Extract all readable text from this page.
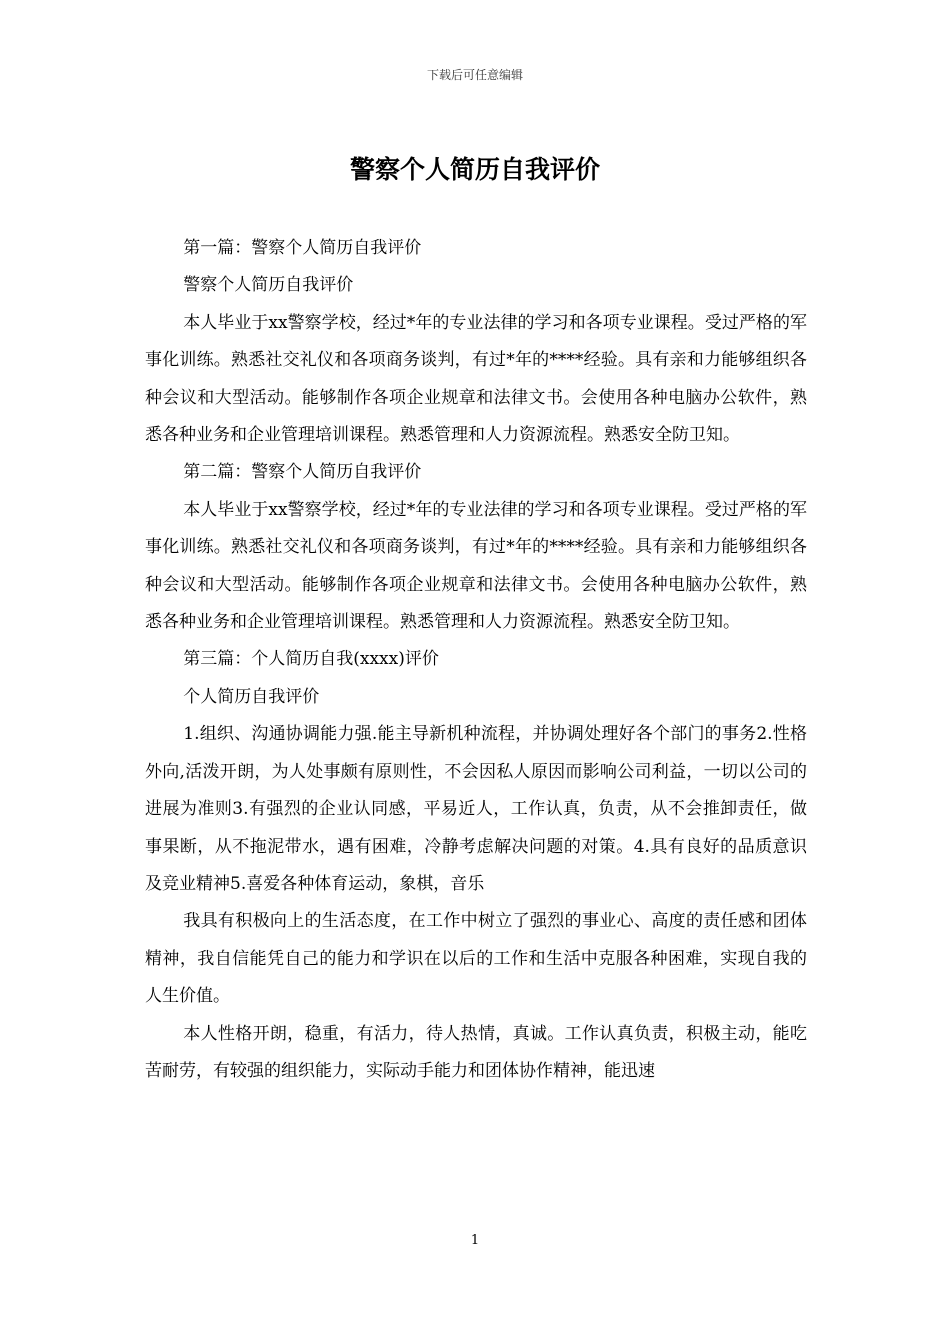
下载后可任意编辑
警察个人简历自我评价

第一篇：警察个人简历自我评价

警察个人简历自我评价

本人毕业于xx警察学校，经过*年的专业法律的学习和各项专业课程。受过严格的军事化训练。熟悉社交礼仪和各项商务谈判，有过*年的****经验。具有亲和力能够组织各种会议和大型活动。能够制作各项企业规章和法律文书。会使用各种电脑办公软件，熟悉各种业务和企业管理培训课程。熟悉管理和人力资源流程。熟悉安全防卫知。

第二篇：警察个人简历自我评价

本人毕业于xx警察学校，经过*年的专业法律的学习和各项专业课程。受过严格的军事化训练。熟悉社交礼仪和各项商务谈判，有过*年的****经验。具有亲和力能够组织各种会议和大型活动。能够制作各项企业规章和法律文书。会使用各种电脑办公软件，熟悉各种业务和企业管理培训课程。熟悉管理和人力资源流程。熟悉安全防卫知。

第三篇：个人简历自我(xxxx)评价

个人简历自我评价

1.组织、沟通协调能力强.能主导新机种流程，并协调处理好各个部门的事务2.性格外向,活泼开朗，为人处事颇有原则性，不会因私人原因而影响公司利益，一切以公司的进展为准则3.有强烈的企业认同感，平易近人，工作认真，负责，从不会推卸责任，做事果断，从不拖泥带水，遇有困难，冷静考虑解决问题的对策。4.具有良好的品质意识及竞业精神5.喜爱各种体育运动，象棋，音乐

我具有积极向上的生活态度，在工作中树立了强烈的事业心、高度的责任感和团体精神，我自信能凭自己的能力和学识在以后的工作和生活中克服各种困难，实现自我的人生价值。

本人性格开朗，稳重，有活力，待人热情，真诚。工作认真负责，积极主动，能吃苦耐劳，有较强的组织能力，实际动手能力和团体协作精神，能迅速

1
